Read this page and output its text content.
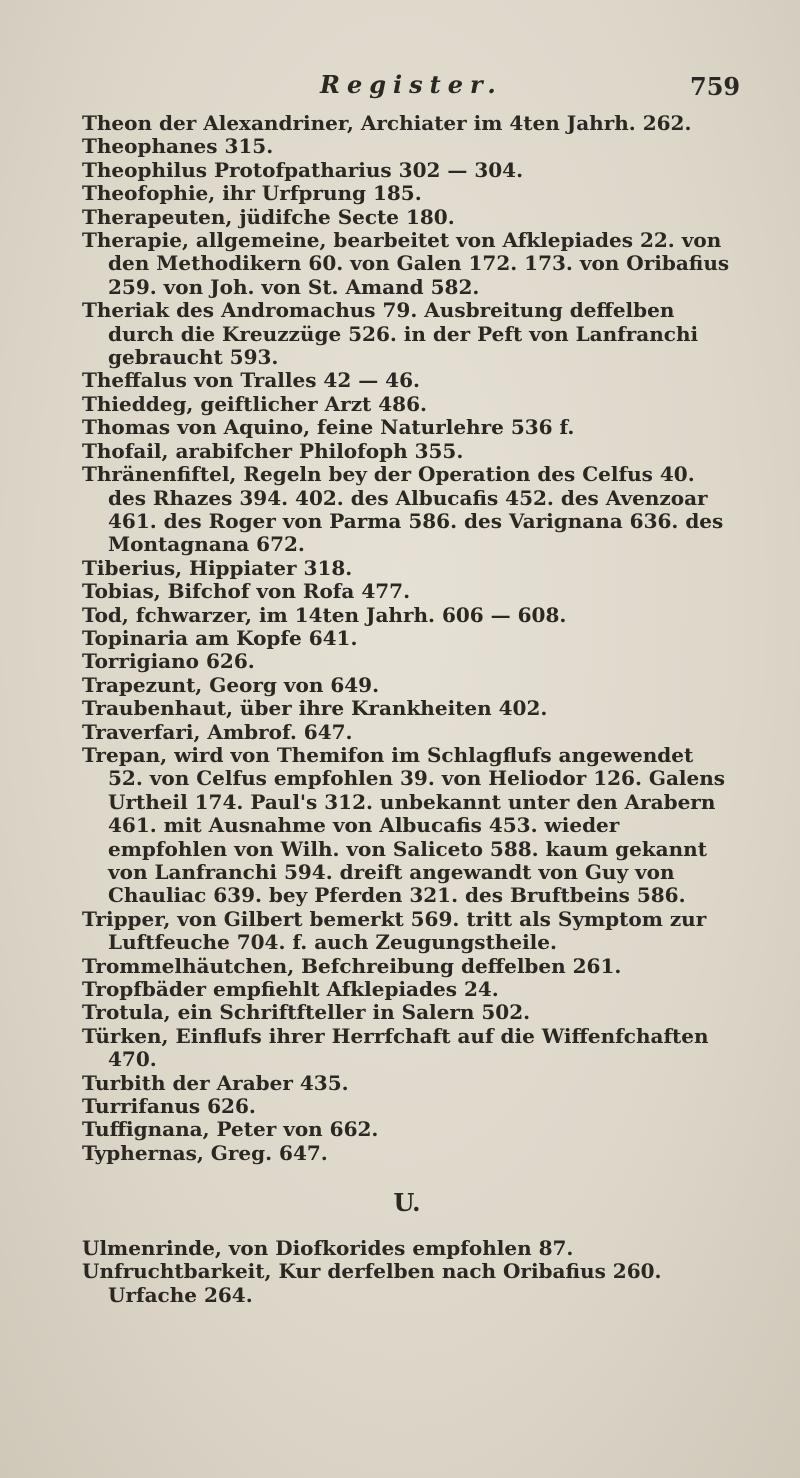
Register.	759

Theon der Alexandriner, Archiater im 4ten Jahrh. 262.

Theophanes 315.

Theophilus Protofpatharius 302 — 304.

Theofophie, ihr Urfprung 185.

Therapeuten, jüdifche Secte 180.

Therapie, allgemeine, bearbeitet von Afklepiades 22. von den Methodikern 60. von Galen 172. 173. von Oribafius 259. von Joh. von St. Amand 582.

Theriak des Andromachus 79. Ausbreitung deffelben durch die Kreuzzüge 526. in der Peft von Lanfranchi gebraucht 593.

Theffalus von Tralles 42 — 46.

Thieddeg, geiftlicher Arzt 486.

Thomas von Aquino, feine Naturlehre 536 f.

Thofail, arabifcher Philofoph 355.

Thränenfiftel, Regeln bey der Operation des Celfus 40. des Rhazes 394. 402. des Albucafis 452. des Avenzoar 461. des Roger von Parma 586. des Varignana 636. des Montagnana 672.

Tiberius, Hippiater 318.

Tobias, Bifchof von Rofa 477.

Tod, fchwarzer, im 14ten Jahrh. 606 — 608.

Topinaria am Kopfe 641.

Torrigiano 626.

Trapezunt, Georg von 649.

Traubenhaut, über ihre Krankheiten 402.

Traverfari, Ambrof. 647.

Trepan, wird von Themifon im Schlagflufs angewendet 52. von Celfus empfohlen 39. von Heliodor 126. Galens Urtheil 174. Paul's 312. unbekannt unter den Arabern 461. mit Ausnahme von Albucafis 453. wieder empfohlen von Wilh. von Saliceto 588. kaum gekannt von Lanfranchi 594. dreift angewandt von Guy von Chauliac 639. bey Pferden 321. des Bruftbeins 586.

Tripper, von Gilbert bemerkt 569. tritt als Symptom zur Luftfeuche 704. f. auch Zeugungstheile.

Trommelhäutchen, Befchreibung deffelben 261.

Tropfbäder empfiehlt Afklepiades 24.

Trotula, ein Schriftfteller in Salern 502.

Türken, Einflufs ihrer Herrfchaft auf die Wiffenfchaften 470.

Turbith der Araber 435.

Turrifanus 626.

Tuffignana, Peter von 662.

Typhernas, Greg. 647.

U.

Ulmenrinde, von Diofkorides empfohlen 87.

Unfruchtbarkeit, Kur derfelben nach Oribafius 260. Urfache 264.
